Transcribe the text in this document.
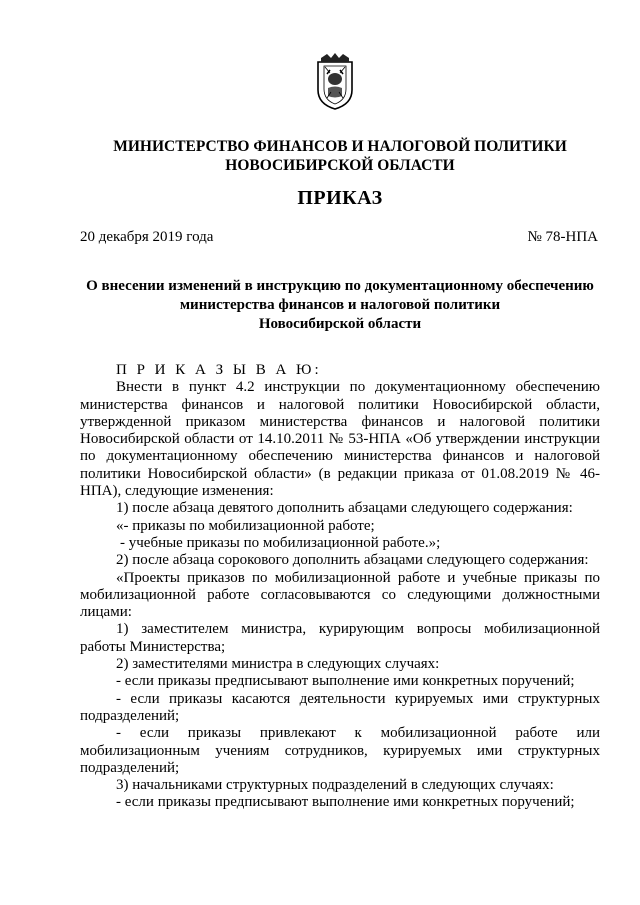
МИНИСТЕРСТВО ФИНАНСОВ И НАЛОГОВОЙ ПОЛИТИКИ
НОВОСИБИРСКОЙ ОБЛАСТИ
ПРИКАЗ
20 декабря 2019 года	№ 78-НПА
О внесении изменений в инструкцию по документационному обеспечению
министерства финансов и налоговой политики
Новосибирской области

П Р И К А З Ы В А Ю:

Внести в пункт 4.2 инструкции по документационному обеспечению министерства финансов и налоговой политики Новосибирской области, утвержденной приказом министерства финансов и налоговой политики Новосибирской области от 14.10.2011 № 53-НПА «Об утверждении инструкции по документационному обеспечению министерства финансов и налоговой политики Новосибирской области» (в редакции приказа от 01.08.2019 № 46-НПА), следующие изменения:

1) после абзаца девятого дополнить абзацами следующего содержания:

«- приказы по мобилизационной работе;

- учебные приказы по мобилизационной работе.»;

2) после абзаца сорокового дополнить абзацами следующего содержания:

«Проекты приказов по мобилизационной работе и учебные приказы по мобилизационной работе согласовываются со следующими должностными лицами:

1) заместителем министра, курирующим вопросы мобилизационной работы Министерства;

2) заместителями министра в следующих случаях:

- если приказы предписывают выполнение ими конкретных поручений;

- если приказы касаются деятельности курируемых ими структурных подразделений;

- если приказы привлекают к мобилизационной работе или мобилизационным учениям сотрудников, курируемых ими структурных подразделений;

3) начальниками структурных подразделений в следующих случаях:

- если приказы предписывают выполнение ими конкретных поручений;
